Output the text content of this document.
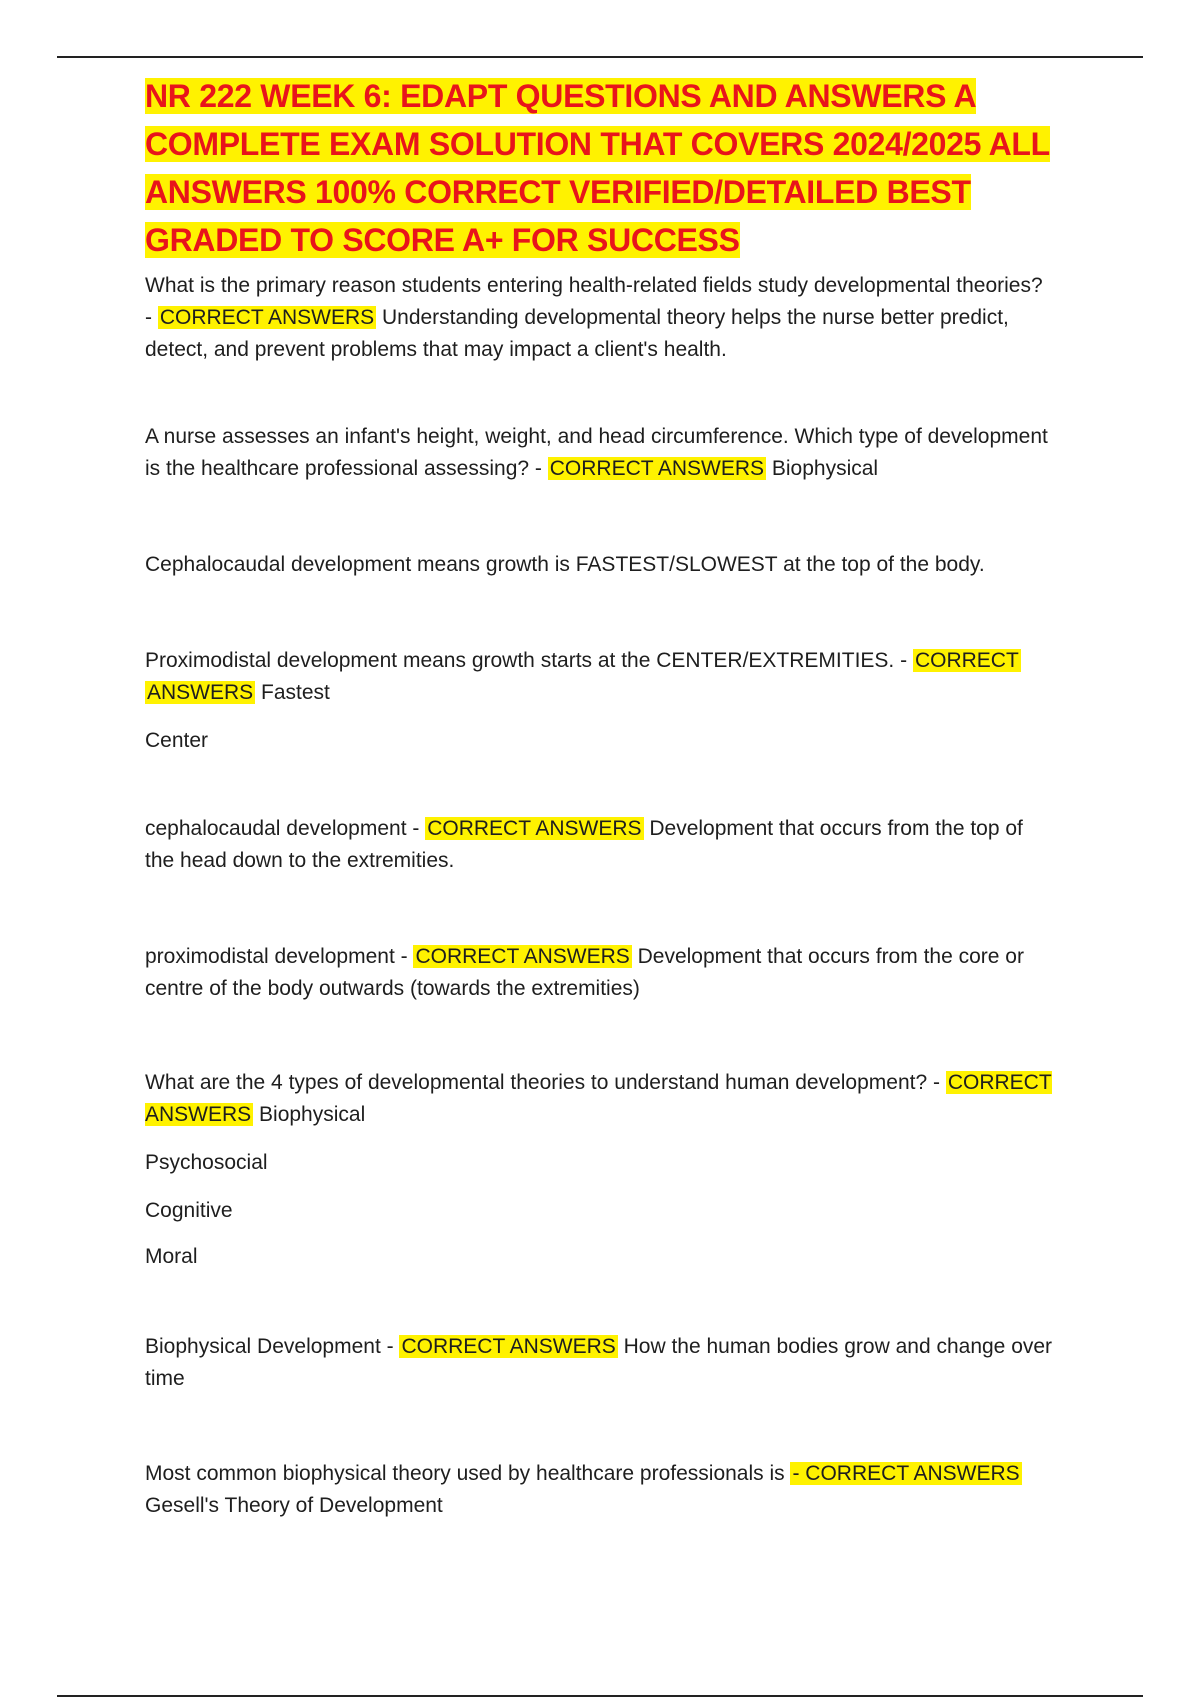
NR 222 WEEK 6: EDAPT QUESTIONS AND ANSWERS A COMPLETE EXAM SOLUTION THAT COVERS 2024/2025 ALL ANSWERS 100% CORRECT VERIFIED/DETAILED BEST GRADED TO SCORE A+ FOR SUCCESS

What is the primary reason students entering health-related fields study developmental theories? - CORRECT ANSWERS Understanding developmental theory helps the nurse better predict, detect, and prevent problems that may impact a client's health.

A nurse assesses an infant's height, weight, and head circumference. Which type of development is the healthcare professional assessing? - CORRECT ANSWERS Biophysical

Cephalocaudal development means growth is FASTEST/SLOWEST at the top of the body.

Proximodistal development means growth starts at the CENTER/EXTREMITIES. - CORRECT
ANSWERS Fastest

Center

cephalocaudal development - CORRECT ANSWERS Development that occurs from the top of the head down to the extremities.

proximodistal development - CORRECT ANSWERS Development that occurs from the core or centre of the body outwards (towards the extremities)

What are the 4 types of developmental theories to understand human development? - CORRECT ANSWERS Biophysical

Psychosocial

Cognitive

Moral

Biophysical Development - CORRECT ANSWERS How the human bodies grow and change over time

Most common biophysical theory used by healthcare professionals is - CORRECT ANSWERS
Gesell's Theory of Development
